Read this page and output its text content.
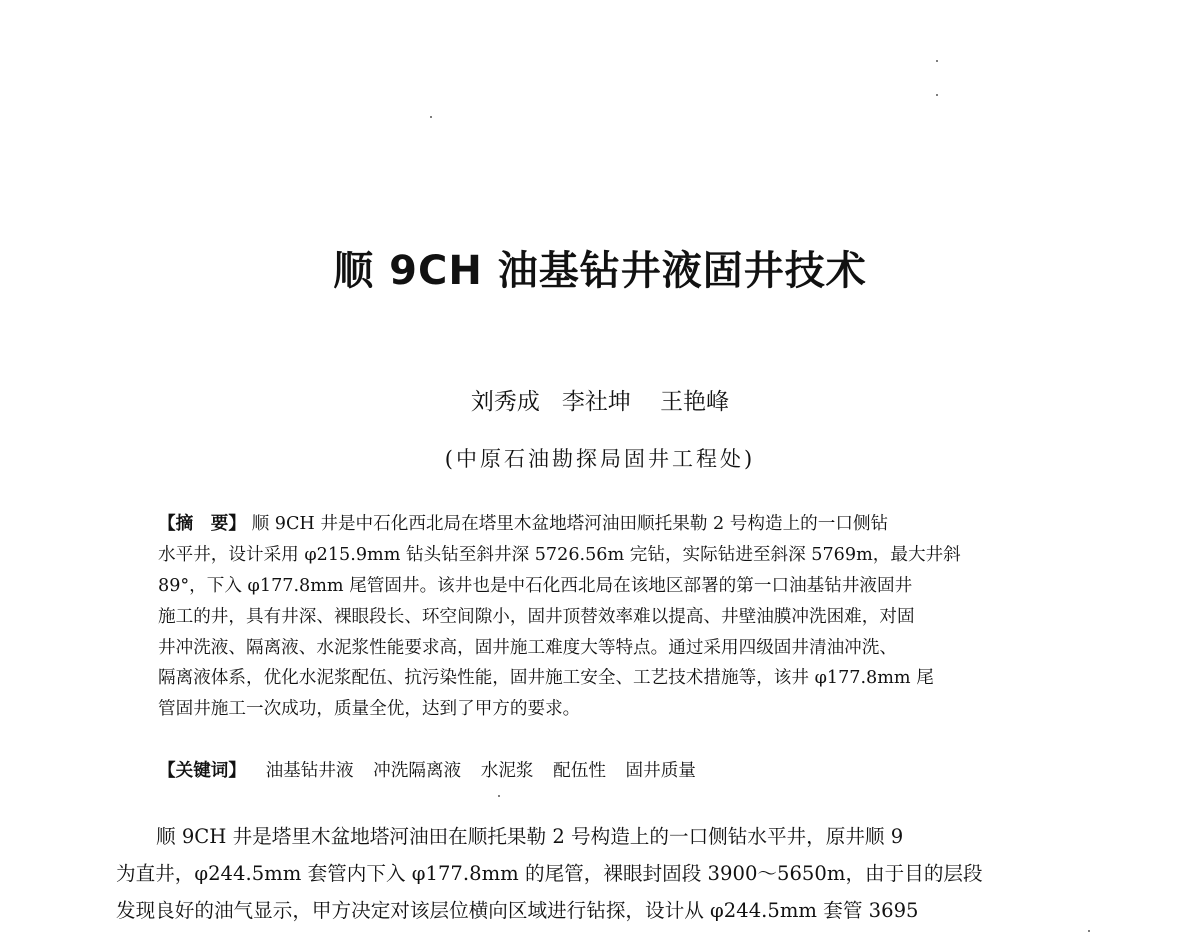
顺 9CH 油基钻井液固井技术
刘秀成   李社坤    王艳峰
(中原石油勘探局固井工程处)
【摘　要】 顺 9CH 井是中石化西北局在塔里木盆地塔河油田顺托果勒 2 号构造上的一口侧钻
水平井，设计采用 φ215.9mm 钻头钻至斜井深 5726.56m 完钻，实际钻进至斜深 5769m，最大井斜
89°，下入 φ177.8mm 尾管固井。该井也是中石化西北局在该地区部署的第一口油基钻井液固井
施工的井，具有井深、裸眼段长、环空间隙小，固井顶替效率难以提高、井壁油膜冲洗困难，对固
井冲洗液、隔离液、水泥浆性能要求高，固井施工难度大等特点。通过采用四级固井清油冲洗、
隔离液体系，优化水泥浆配伍、抗污染性能，固井施工安全、工艺技术措施等，该井 φ177.8mm 尾
管固井施工一次成功，质量全优，达到了甲方的要求。
【关键词】 油基钻井液 冲洗隔离液 水泥浆 配伍性 固井质量
顺 9CH 井是塔里木盆地塔河油田在顺托果勒 2 号构造上的一口侧钻水平井，原井顺 9
为直井，φ244.5mm 套管内下入 φ177.8mm 的尾管，裸眼封固段 3900～5650m，由于目的层段
发现良好的油气显示，甲方决定对该层位横向区域进行钻探，设计从 φ244.5mm 套管 3695
